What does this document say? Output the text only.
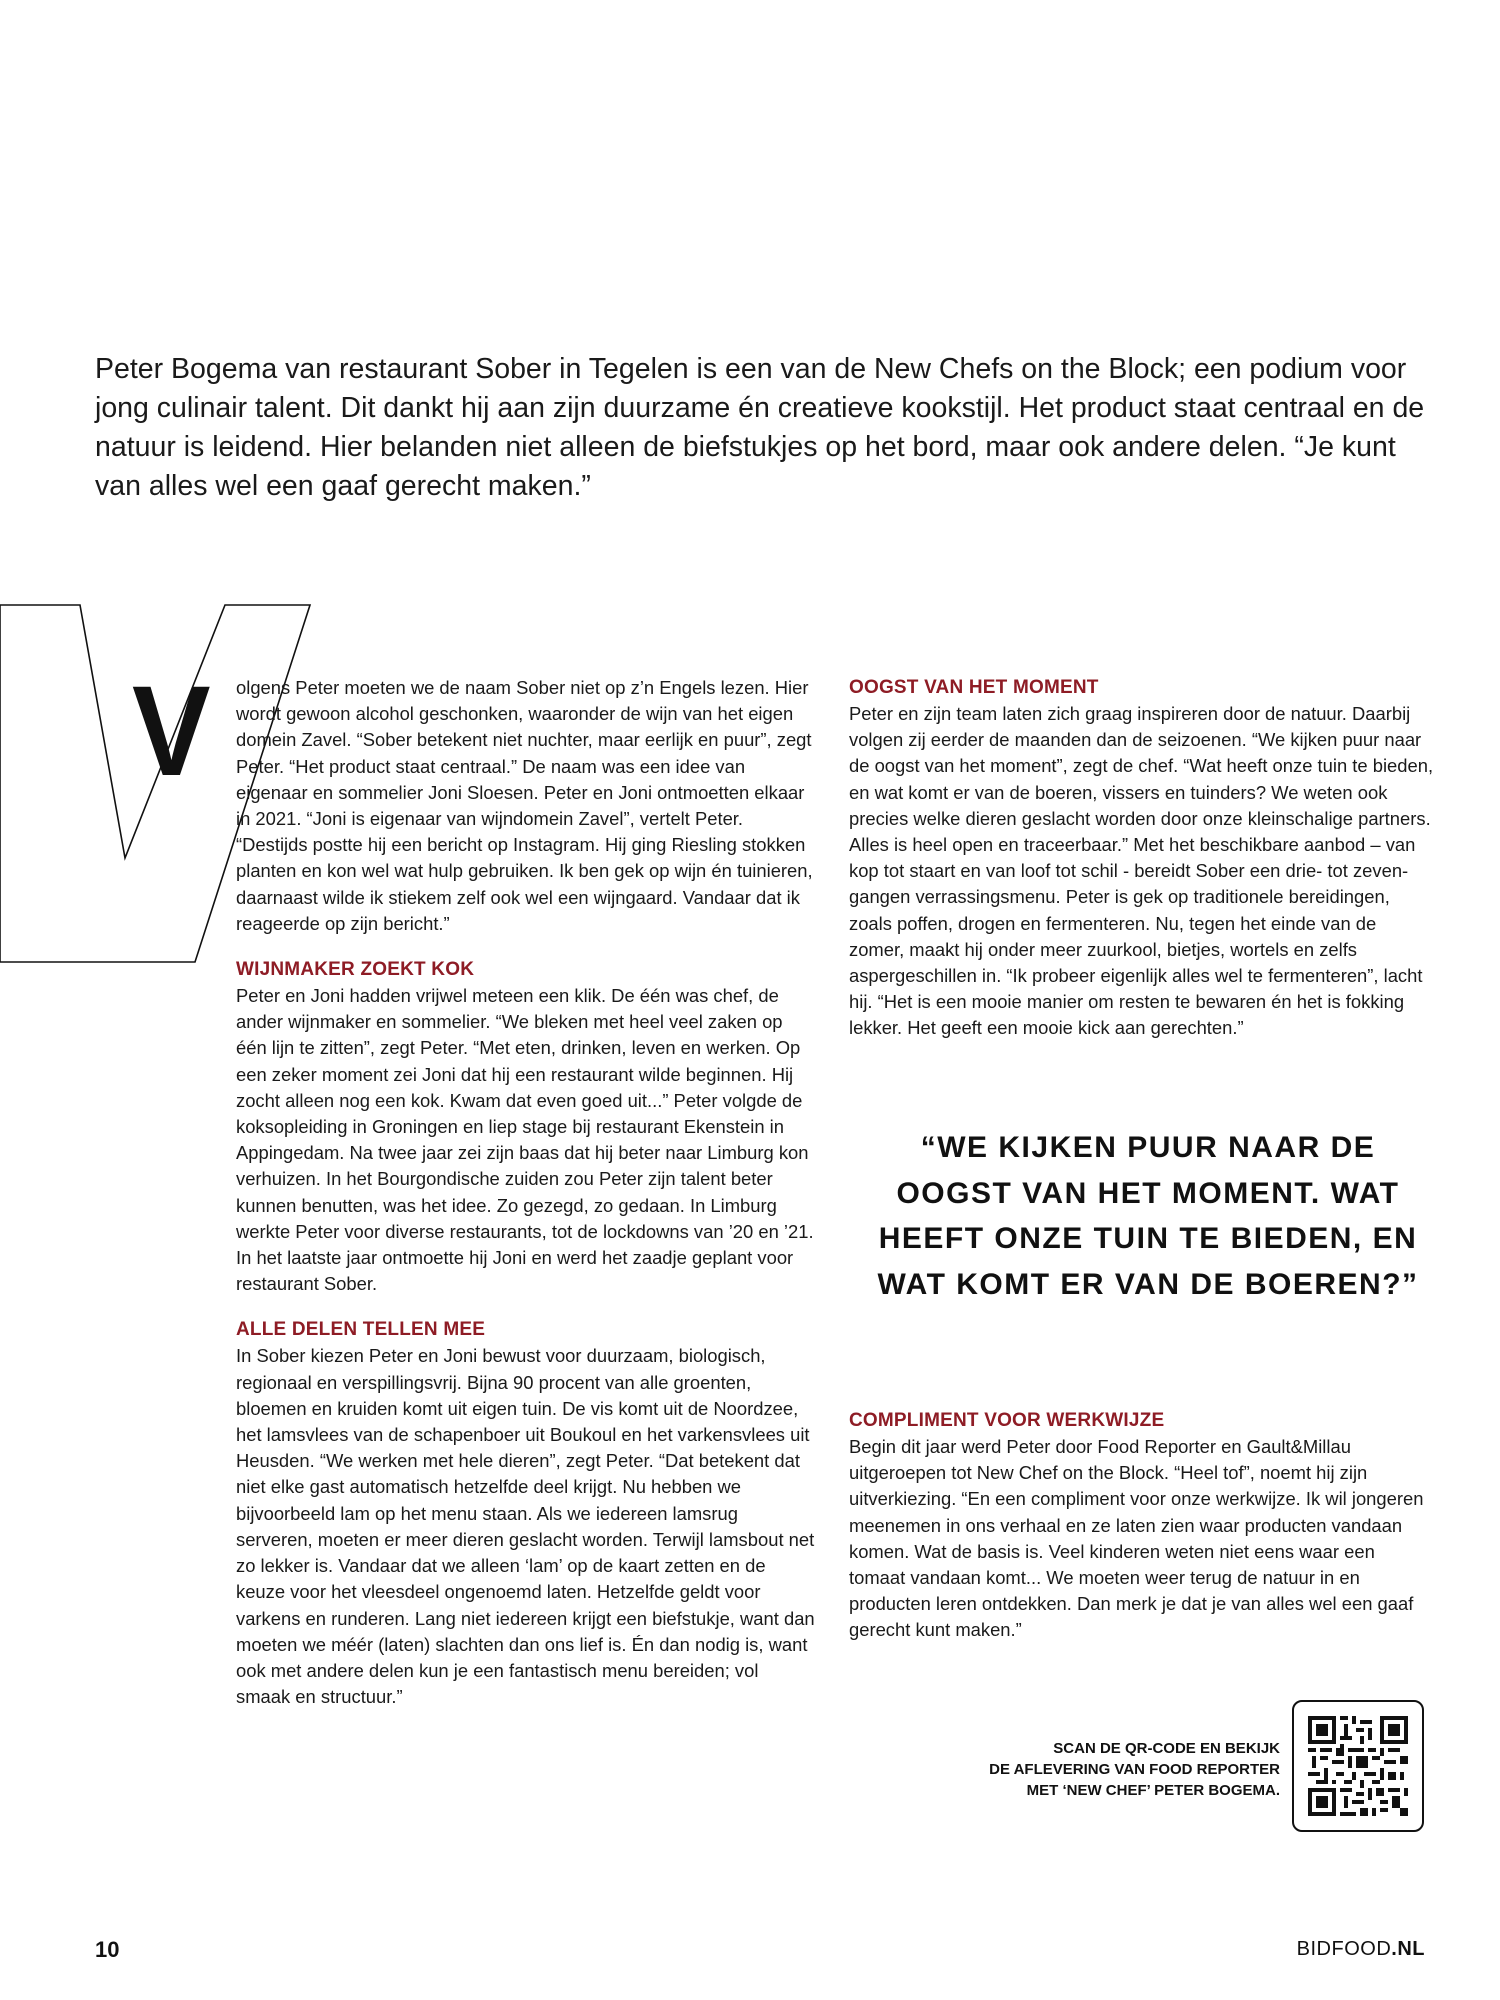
Peter Bogema van restaurant Sober in Tegelen is een van de New Chefs on the Block; een podium voor jong culinair talent. Dit dankt hij aan zijn duurzame én creatieve kookstijl. Het product staat centraal en de natuur is leidend. Hier belanden niet alleen de biefstukjes op het bord, maar ook andere delen. “Je kunt van alles wel een gaaf gerecht maken.”

V olgens Peter moeten we de naam Sober niet op z’n Engels lezen. Hier wordt gewoon alcohol geschonken, waaronder de wijn van het eigen domein Zavel. “Sober betekent niet nuchter, maar eerlijk en puur”, zegt Peter. “Het product staat centraal.” De naam was een idee van eigenaar en sommelier Joni Sloesen. Peter en Joni ontmoetten elkaar in 2021. “Joni is eigenaar van wijndomein Zavel”, vertelt Peter. “Destijds postte hij een bericht op Instagram. Hij ging Riesling stokken planten en kon wel wat hulp gebruiken. Ik ben gek op wijn én tuinieren, daarnaast wilde ik stiekem zelf ook wel een wijngaard. Vandaar dat ik reageerde op zijn bericht.”

WIJNMAKER ZOEKT KOK

Peter en Joni hadden vrijwel meteen een klik. De één was chef, de ander wijnmaker en sommelier. “We bleken met heel veel zaken op één lijn te zitten”, zegt Peter. “Met eten, drinken, leven en werken. Op een zeker moment zei Joni dat hij een restaurant wilde beginnen. Hij zocht alleen nog een kok. Kwam dat even goed uit...” Peter volgde de koksopleiding in Groningen en liep stage bij restaurant Ekenstein in Appingedam. Na twee jaar zei zijn baas dat hij beter naar Limburg kon verhuizen. In het Bourgondische zuiden zou Peter zijn talent beter kunnen benutten, was het idee. Zo gezegd, zo gedaan. In Limburg werkte Peter voor diverse restaurants, tot de lockdowns van ’20 en ’21. In het laatste jaar ontmoette hij Joni en werd het zaadje geplant voor restaurant Sober.

ALLE DELEN TELLEN MEE

In Sober kiezen Peter en Joni bewust voor duurzaam, biologisch, regionaal en verspillingsvrij. Bijna 90 procent van alle groenten, bloemen en kruiden komt uit eigen tuin. De vis komt uit de Noordzee, het lamsvlees van de schapenboer uit Boukoul en het varkensvlees uit Heusden. “We werken met hele dieren”, zegt Peter. “Dat betekent dat niet elke gast automatisch hetzelfde deel krijgt. Nu hebben we bijvoorbeeld lam op het menu staan. Als we iedereen lamsrug serveren, moeten er meer dieren geslacht worden. Terwijl lamsbout net zo lekker is. Vandaar dat we alleen ‘lam’ op de kaart zetten en de keuze voor het vleesdeel ongenoemd laten. Hetzelfde geldt voor varkens en runderen. Lang niet iedereen krijgt een biefstukje, want dan moeten we méér (laten) slachten dan ons lief is. Én dan nodig is, want ook met andere delen kun je een fantastisch menu bereiden; vol smaak en structuur.”

OOGST VAN HET MOMENT

Peter en zijn team laten zich graag inspireren door de natuur. Daarbij volgen zij eerder de maanden dan de seizoenen. “We kijken puur naar de oogst van het moment”, zegt de chef. “Wat heeft onze tuin te bieden, en wat komt er van de boeren, vissers en tuinders? We weten ook precies welke dieren geslacht worden door onze kleinschalige partners. Alles is heel open en traceerbaar.” Met het beschikbare aanbod – van kop tot staart en van loof tot schil - bereidt Sober een drie- tot zeven-gangen verrassingsmenu. Peter is gek op traditionele bereidingen, zoals poffen, drogen en fermenteren. Nu, tegen het einde van de zomer, maakt hij onder meer zuurkool, bietjes, wortels en zelfs aspergeschillen in. “Ik probeer eigenlijk alles wel te fermenteren”, lacht hij. “Het is een mooie manier om resten te bewaren én het is fokking lekker. Het geeft een mooie kick aan gerechten.”

“WE KIJKEN PUUR NAAR DE OOGST VAN HET MOMENT. WAT HEEFT ONZE TUIN TE BIEDEN, EN WAT KOMT ER VAN DE BOEREN?”

COMPLIMENT VOOR WERKWIJZE

Begin dit jaar werd Peter door Food Reporter en Gault&Millau uitgeroepen tot New Chef on the Block. “Heel tof”, noemt hij zijn uitverkiezing. “En een compliment voor onze werkwijze. Ik wil jongeren meenemen in ons verhaal en ze laten zien waar producten vandaan komen. Wat de basis is. Veel kinderen weten niet eens waar een tomaat vandaan komt... We moeten weer terug de natuur in en producten leren ontdekken. Dan merk je dat je van alles wel een gaaf gerecht kunt maken.”

SCAN DE QR-CODE EN BEKIJK
DE AFLEVERING VAN FOOD REPORTER
MET ‘NEW CHEF’ PETER BOGEMA.
10	BIDFOOD.NL
